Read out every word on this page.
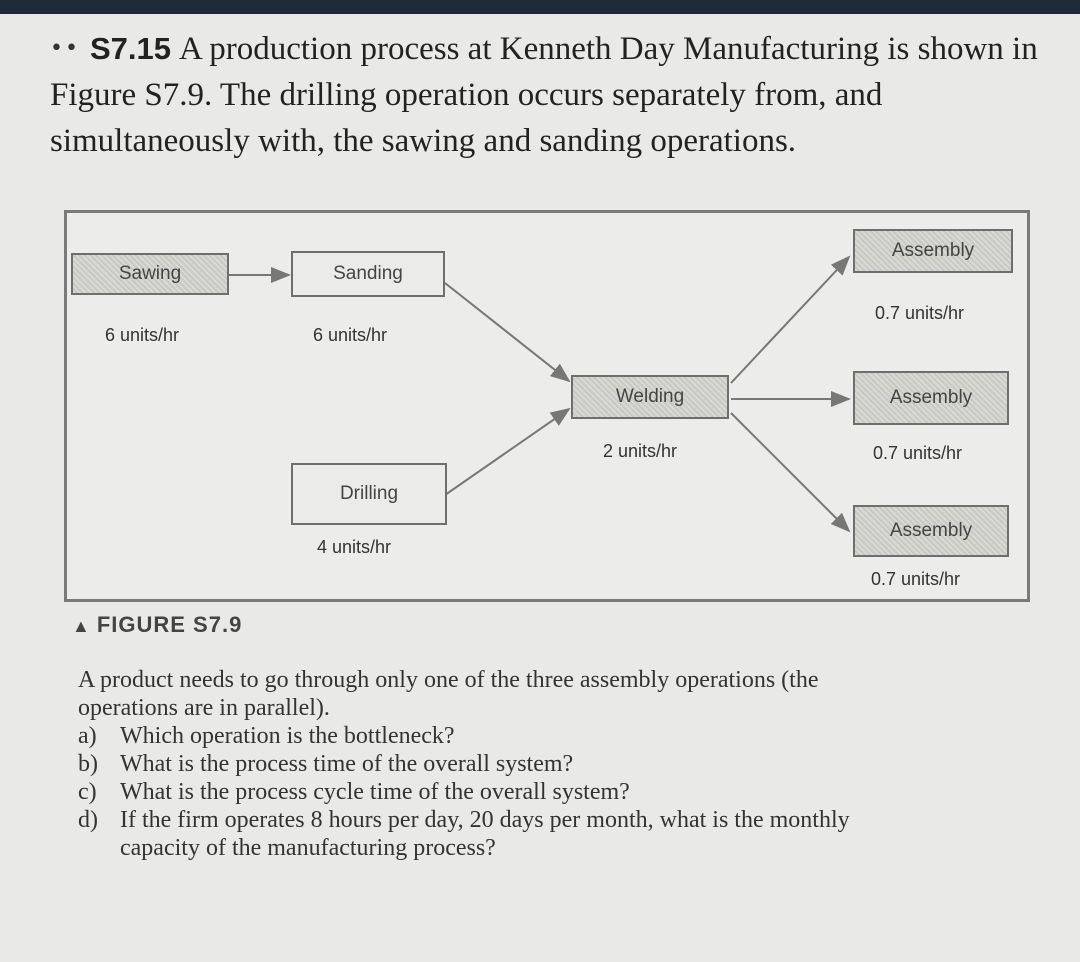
•• S7.15 A production process at Kenneth Day Manufacturing is shown in Figure S7.9. The drilling operation occurs separately from, and simultaneously with, the sawing and sanding operations.
Sawing
6 units/hr
Sanding
6 units/hr
Drilling
4 units/hr
Welding
2 units/hr
Assembly
0.7 units/hr
Assembly
0.7 units/hr
Assembly
0.7 units/hr
▲ FIGURE S7.9
A product needs to go through only one of the three assembly operations (the operations are in parallel).
a) Which operation is the bottleneck?
b) What is the process time of the overall system?
c) What is the process cycle time of the overall system?
d) If the firm operates 8 hours per day, 20 days per month, what is the monthly capacity of the manufacturing process?
